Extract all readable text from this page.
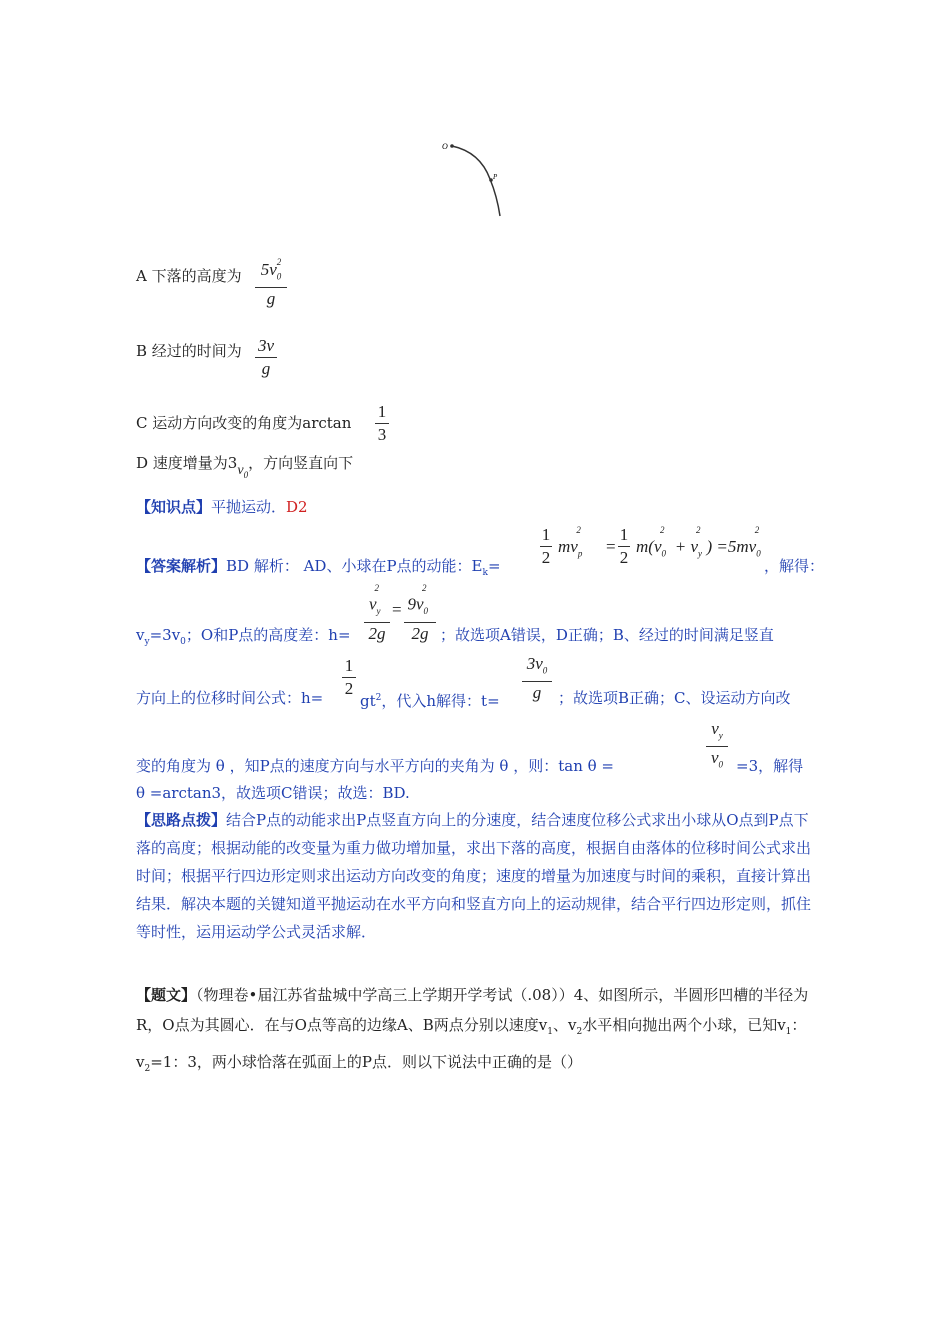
O
P
A 下落的高度为	5v 2
$_0$
g
B 经过的时间为 3v
g
C 运动方向改变的角度为arctan
1
3
D 速度增量为$3v_0$，方向竖直向下
【知识点】平抛运动．D2
【答案解析】BD 解析： AD、小球在P点的动能：$E_k=$
1
2
$mv_p^2$
=
1
2
$m(v_0^2 + v_y^2) =5mv_0^2$
，解得：
$v_y=3v_0$；O和P点的高度差：h=
$v_y^2$
2g
= $9v_0^2$
2g ；故选项A错误，D正确；B、经过的时间满足竖直
方向上的位移时间公式：h=
1
2
$gt^2$，代入h解得：t=
$3v_0$
g	；故选项B正确；C、设运动方向改
变的角度为 θ ，知P点的速度方向与水平方向的夹角为 θ ，则：tan θ =
$v_y$
$v_0 =3$，解得
θ =arctan3，故选项C错误；故选：BD.
【思路点拨】结合P点的动能求出P点竖直方向上的分速度，结合速度位移公式求出小球从O点到P点下落的高度；根据动能的改变量为重力做功增加量，求出下落的高度，根据自由落体的位移时间公式求出时间；根据平行四边形定则求出运动方向改变的角度；速度的增量为加速度与时间的乘积，直接计算出结果．解决本题的关键知道平抛运动在水平方向和竖直方向上的运动规律，结合平行四边形定则，抓住等时性，运用运动学公式灵活求解．
【题文】（物理卷•届江苏省盐城中学高三上学期开学考试（.08））4、如图所示，半圆形凹槽的半径为R，O点为其圆心．在与O点等高的边缘A、B两点分别以速度$v_1$、$v_2$水平相向抛出两个小球，已知$v_1$：$v_2=1$：3，两小球恰落在弧面上的P点．则以下说法中正确的是（）
